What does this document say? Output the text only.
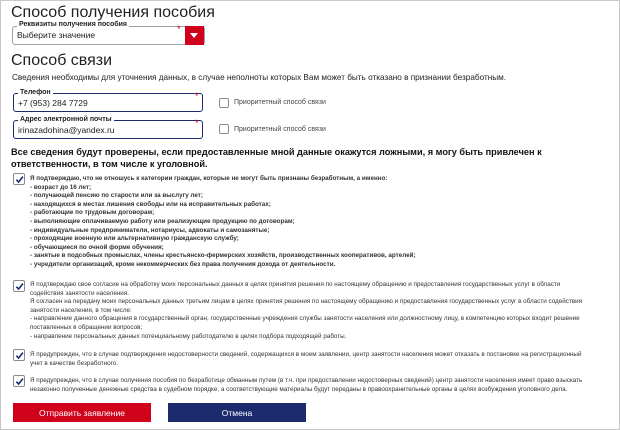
Способ получения пособия
Реквизиты получения пособия
Выберите значение
*
Способ связи
Сведения необходимы для уточнения данных, в случае неполноты которых Вам может быть отказано в признании безработным.
Телефон
+7 (953) 284 7729
*
Приоритетный способ связи
Адрес электронной почты
irinazadohina@yandex.ru
*
Приоритетный способ связи
Все сведения будут проверены, если предоставленные мной данные окажутся ложными, я могу быть привлечен к ответственности, в том числе к уголовной.
Я подтверждаю, что не отношусь к категории граждан, которые не могут быть признаны безработным, а именно:
- возраст до 16 лет;
- получающей пенсию по старости или за выслугу лет;
- находящихся в местах лишения свободы или на исправительных работах;
- работающие по трудовым договорам;
- выполняющие оплачиваемую работу или реализующие продукцию по договорам;
- индивидуальные предприниматели, нотариусы, адвокаты и самозанятые;
- проходящие военную или альтернативную гражданскую службу;
- обучающиеся по очной форме обучения;
- занятые в подсобных промыслах, члены крестьянско-фермерских хозяйств, производственных кооперативов, артелей;
- учредители организаций, кроме некоммерческих без права получения дохода от деятельности.
Я подтверждаю свое согласие на обработку моих персональных данных в целях принятия решения по настоящему обращению и предоставления государственных услуг в области
содействия занятости населения.
Я согласен на передачу моих персональных данных третьим лицам в целях принятия решения по настоящему обращению и предоставления государственных услуг в области содействия
занятости населения, в том числе:
- направление данного обращения в государственный орган, государственные учреждения службы занятости населения или должностному лицу, в компетенцию которых входит решение
поставленных в обращении вопросов;
- направление персональных данных потенциальному работодателю в целях подбора подходящей работы.
Я предупрежден, что в случае подтверждения недостоверности сведений, содержащихся в моем заявлении, центр занятости населения может отказать в постановке на регистрационный
учет в качестве безработного.
Я предупрежден, что в случае получения пособия по безработице обманным путем (в т.ч. при предоставлении недостоверных сведений) центр занятости населения имеет право взыскать
незаконно полученные денежные средства в судебном порядке, а соответствующие материалы будут переданы в правоохранительные органы в целях возбуждения уголовного дела.
Отправить заявление	Отмена
